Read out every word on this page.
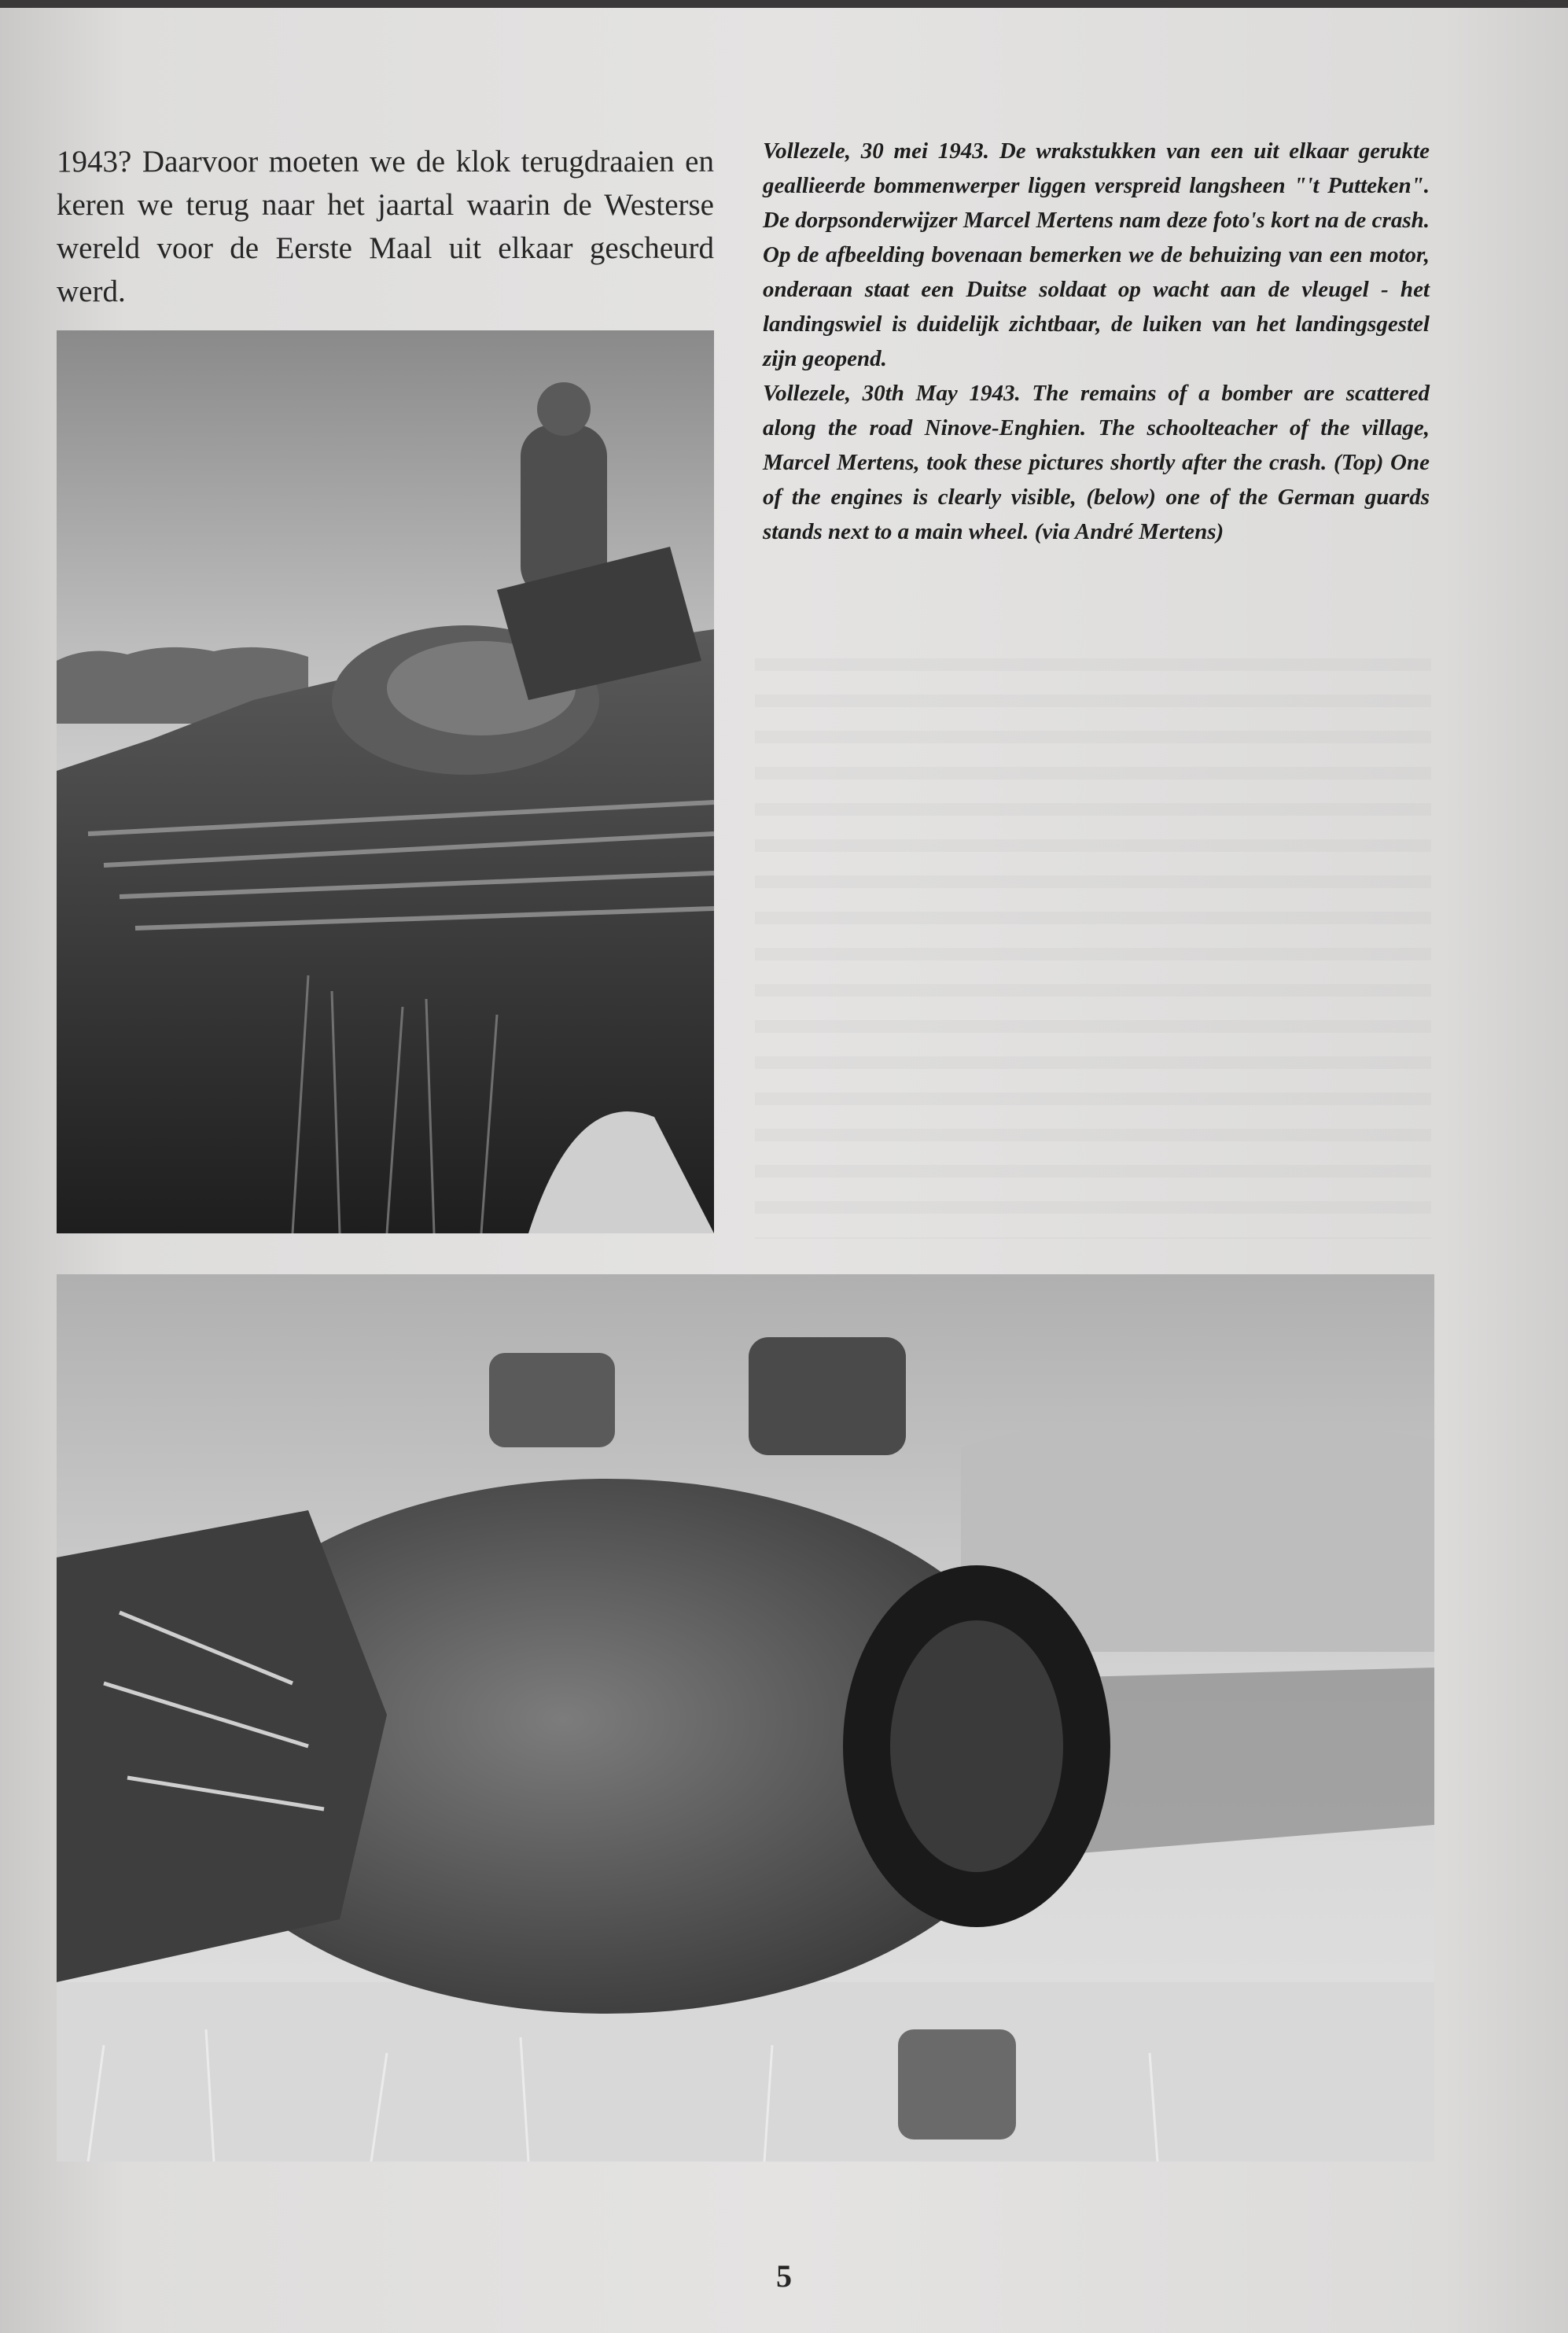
1943? Daarvoor moeten we de klok terugdraaien en keren we terug naar het jaartal waarin de Westerse wereld voor de Eerste Maal uit elkaar gescheurd werd.

Vollezele, 30 mei 1943. De wrakstukken van een uit elkaar gerukte geallieerde bommenwerper liggen verspreid langsheen "'t Putteken". De dorpsonderwijzer Marcel Mertens nam deze foto's kort na de crash. Op de afbeelding bovenaan bemerken we de behuizing van een motor, onderaan staat een Duitse soldaat op wacht aan de vleugel - het landingswiel is duidelijk zichtbaar, de luiken van het landingsgestel zijn geopend.

Vollezele, 30th May 1943. The remains of a bomber are scattered along the road Ninove-Enghien. The schoolteacher of the village, Marcel Mertens, took these pictures shortly after the crash. (Top) One of the engines is clearly visible, (below) one of the German guards stands next to a main wheel. (via André Mertens)

5
